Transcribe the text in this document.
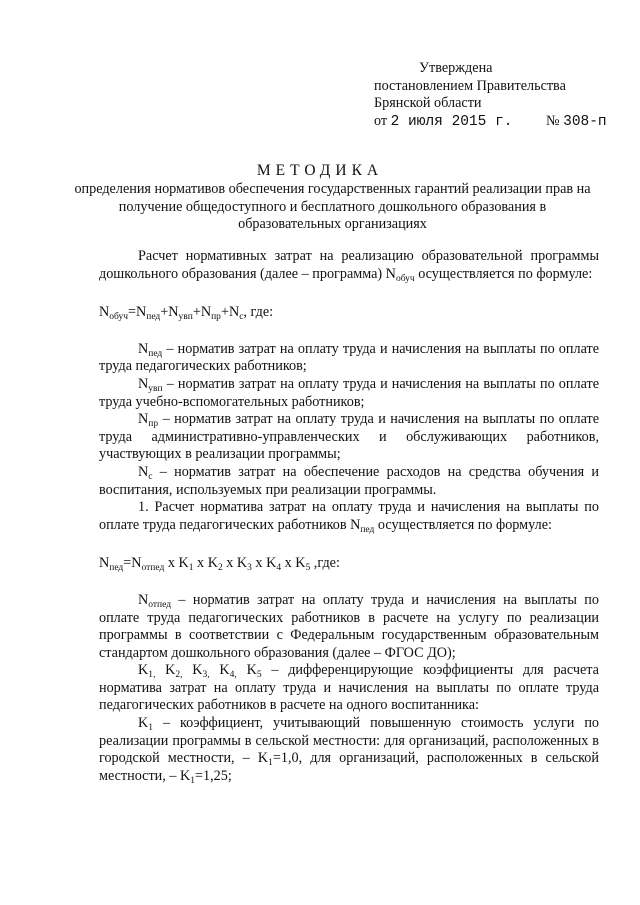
Утверждена
постановлением Правительства
Брянской области
от 2 июля 2015 г. № 308-п
МЕТОДИКА
определения нормативов обеспечения государственных гарантий реализации прав на получение общедоступного и бесплатного дошкольного образования в образовательных организациях

Расчет нормативных затрат на реализацию образовательной программы дошкольного образования (далее – программа) $N_{обуч}$ осуществляется по формуле:

$N_{обуч}=N_{пед}+N_{увп}+N_{пр}+N_с$, где:

$N_{пед}$ – норматив затрат на оплату труда и начисления на выплаты по оплате труда педагогических работников;

$N_{увп}$ – норматив затрат на оплату труда и начисления на выплаты по оплате труда учебно-вспомогательных работников;

$N_{пр}$ – норматив затрат на оплату труда и начисления на выплаты по оплате труда административно-управленческих и обслуживающих работников, участвующих в реализации программы;

$N_с$ – норматив затрат на обеспечение расходов на средства обучения и воспитания, используемых при реализации программы.

1. Расчет норматива затрат на оплату труда и начисления на выплаты по оплате труда педагогических работников $N_{пед}$ осуществляется по формуле:

$N_{пед}=N_{отпед}$ x $K_1$ x $K_2$ x $K_3$ x $K_4$ x $K_5$ ,где:

$N_{отпед}$ – норматив затрат на оплату труда и начисления на выплаты по оплате труда педагогических работников в расчете на услугу по реализации программы в соответствии с Федеральным государственным образовательным стандартом дошкольного образования (далее – ФГОС ДО);

$K_{1,}$ $K_{2,}$ $K_{3,}$ $K_{4,}$ $K_5$ – дифференцирующие коэффициенты для расчета норматива затрат на оплату труда и начисления на выплаты по оплате труда педагогических работников в расчете на одного воспитанника:

$K_1$ – коэффициент, учитывающий повышенную стоимость услуги по реализации программы в сельской местности: для организаций, расположенных в городской местности, – $K_1=1,0$, для организаций, расположенных в сельской местности, – $K_1=1,25$;
